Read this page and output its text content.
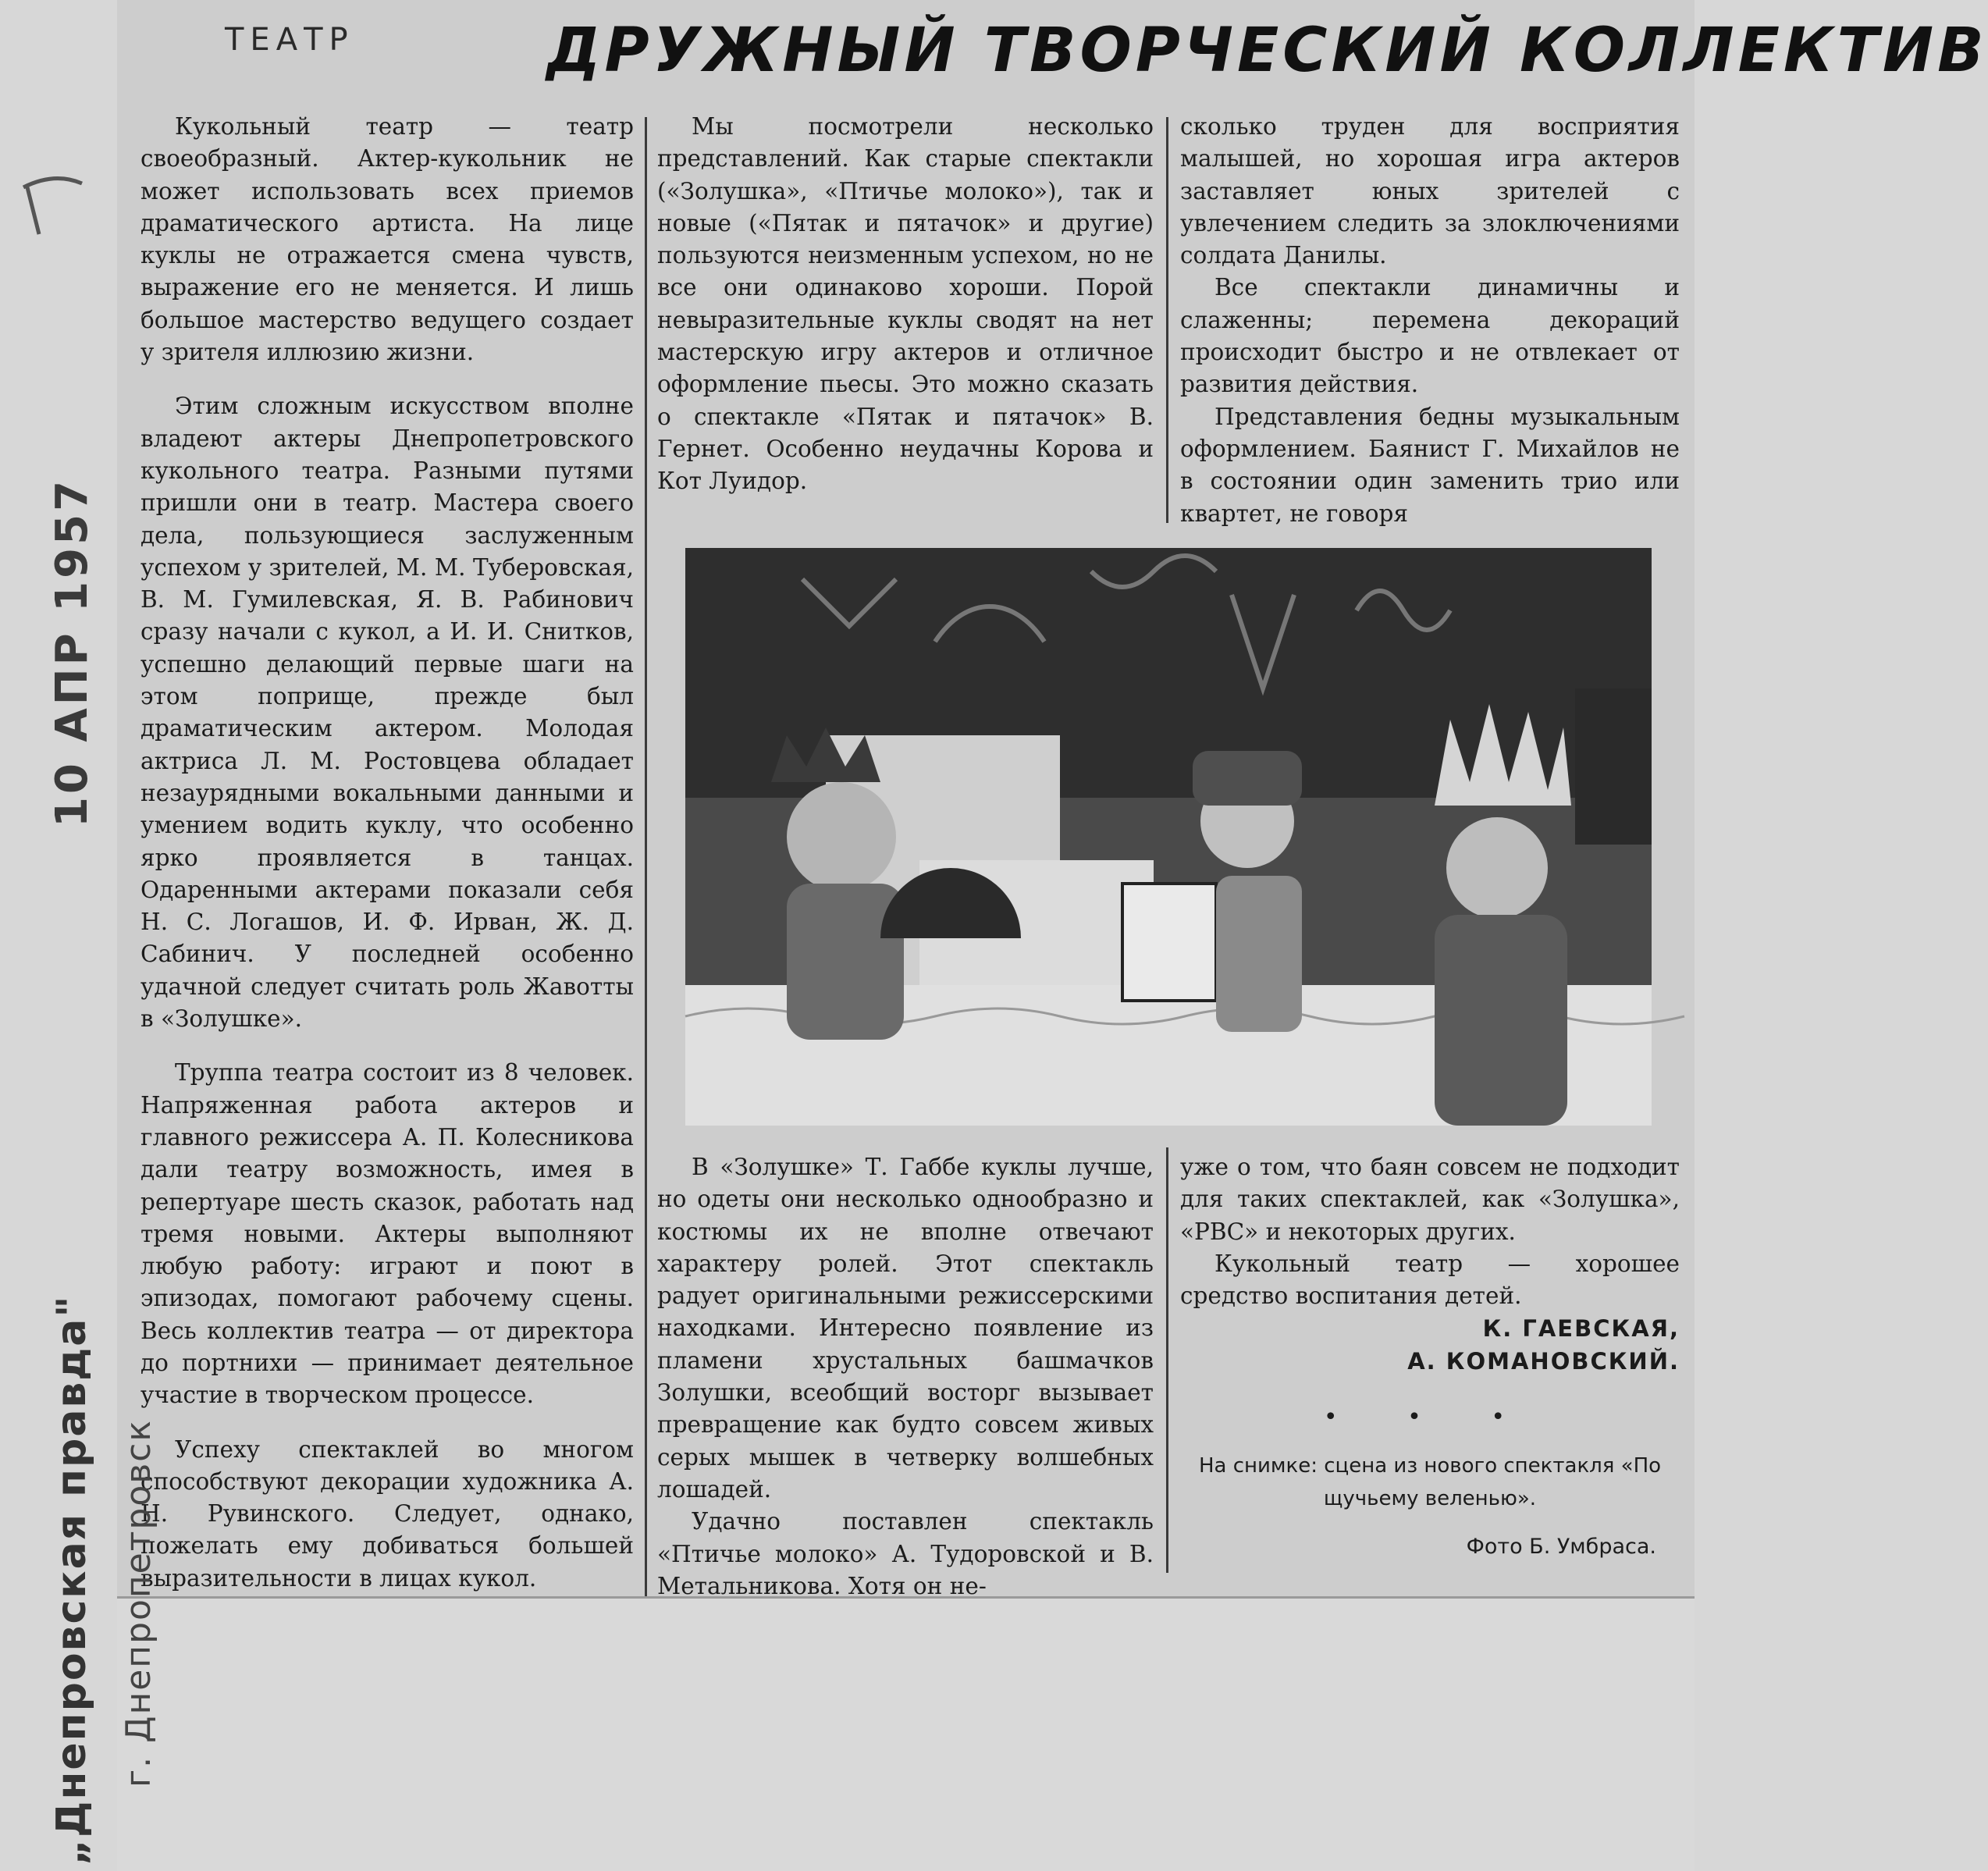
ТЕАТР	ДРУЖНЫЙ ТВОРЧЕСКИЙ КОЛЛЕКТИВ

Кукольный театр — театр своеобразный. Актер-кукольник не может использовать всех приемов драматического артиста. На лице куклы не отражается смена чувств, выражение его не меняется. И лишь большое мастерство ведущего создает у зрителя иллюзию жизни.

Этим сложным искусством вполне владеют актеры Днепропетровского кукольного театра. Разными путями пришли они в театр. Мастера своего дела, пользующиеся заслуженным успехом у зрителей, М. М. Туберовская, В. М. Гумилевская, Я. В. Рабинович сразу начали с кукол, а И. И. Снитков, успешно делающий первые шаги на этом поприще, прежде был драматическим актером. Молодая актриса Л. М. Ростовцева обладает незаурядными вокальными данными и умением водить куклу, что особенно ярко проявляется в танцах. Одаренными актерами показали себя Н. С. Логашов, И. Ф. Ирван, Ж. Д. Сабинич. У последней особенно удачной следует считать роль Жавотты в «Золушке».

Труппа театра состоит из 8 человек. Напряженная работа актеров и главного режиссера А. П. Колесникова дали театру возможность, имея в репертуаре шесть сказок, работать над тремя новыми. Актеры выполняют любую работу: играют и поют в эпизодах, помогают рабочему сцены. Весь коллектив театра — от директора до портнихи — принимает деятельное участие в творческом процессе.

Успеху спектаклей во многом способствуют декорации художника А. Н. Рувинского. Следует, однако, пожелать ему добиваться большей выразительности в лицах кукол.

Мы посмотрели несколько представлений. Как старые спектакли («Золушка», «Птичье молоко»), так и новые («Пятак и пятачок» и другие) пользуются неизменным успехом, но не все они одинаково хороши. Порой невыразительные куклы сводят на нет мастерскую игру актеров и отличное оформление пьесы. Это можно сказать о спектакле «Пятак и пятачок» В. Гернет. Особенно неудачны Корова и Кот Луидор.

сколько труден для восприятия малышей, но хорошая игра актеров заставляет юных зрителей с увлечением следить за злоключениями солдата Данилы.

Все спектакли динамичны и слаженны; перемена декораций происходит быстро и не отвлекает от развития действия.

Представления бедны музыкальным оформлением. Баянист Г. Михайлов не в состоянии один заменить трио или квартет, не говоря

В «Золушке» Т. Габбе куклы лучше, но одеты они несколько однообразно и костюмы их не вполне отвечают характеру ролей. Этот спектакль радует оригинальными режиссерскими находками. Интересно появление из пламени хрустальных башмачков Золушки, всеобщий восторг вызывает превращение как будто совсем живых серых мышек в четверку волшебных лошадей.

Удачно поставлен спектакль «Птичье молоко» А. Тудоровской и В. Метальникова. Хотя он не-

уже о том, что баян совсем не подходит для таких спектаклей, как «Золушка», «РВС» и некоторых других.

Кукольный театр — хорошее средство воспитания детей.

К. ГАЕВСКАЯ,
А. КОМАНОВСКИЙ.
• • •
На снимке: сцена из нового спектакля «По щучьему веленью».
Фото Б. Умбраса.
10 АПР 1957
„Днепровская правда" г. Днепропетровск
